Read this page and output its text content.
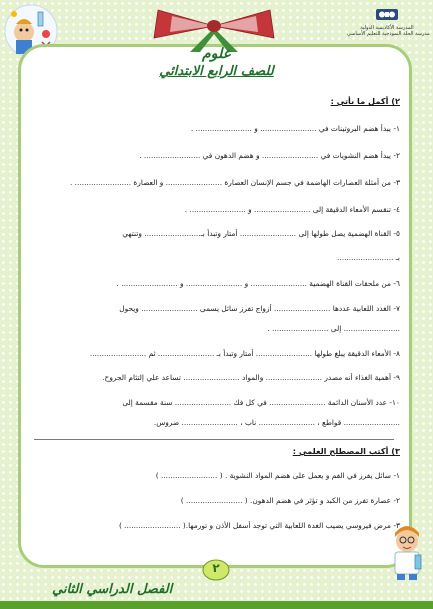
المدرسة الأكاديمية الدولية
مدرسة الحلة النموذجية للتعليم الأساسي
علوم
للصف الرابع الابتدائي
٢) أكمل ما يأتي :
١- يبدأ هضم البروتينات في ........................ و ........................ .
٢- يبدأ هضم النشويات في ........................ و هضم الدهون في ........................ .
٣- من أمثلة العصارات الهاضمة في جسم الإنسان العصارة ........................ و العصارة ........................ .
٤- تنقسم الأمعاء الدقيقة إلى ........................ و ........................ .
٥- القناة الهضمية يصل طولها إلى ........................ أمتار وتبدأ بـ........................ وتنتهي
بـ ........................
٦- من ملحقات القناة الهضمية ........................ و ........................ و ........................ .
٧- الغدد اللعابية عددها ........................ أزواج تفرز سائل يسمى ........................ ويحول
........................ إلى ........................ .
٨- الأمعاء الدقيقة يبلغ طولها ........................ أمتار وتبدأ بـ ........................ ثم ........................
٩- أهمية الغذاء أنه مصدر ........................ والمواد ........................ تساعد علي إلتئام الجروح.
١٠- عدد الأسنان الدائمة ........................ في كل فك ........................ سنة مقسمة إلى
........................ قواطع ، ........................ ناب ، ........................ ضروس.
٣) أكتب المصطلح العلمي :
١- سائل يفرز في الفم و يعمل على هضم المواد النشوية . ( ........................ )
٢- عصارة تفرز من الكبد و تؤثر في هضم الدهون. ( ........................ )
٣- مرض فيروسي يصيب الغدة اللعابية التي توجد أسفل الأذن و تورمها.( ........................ )
٢
الفصل الدراسي الثاني
